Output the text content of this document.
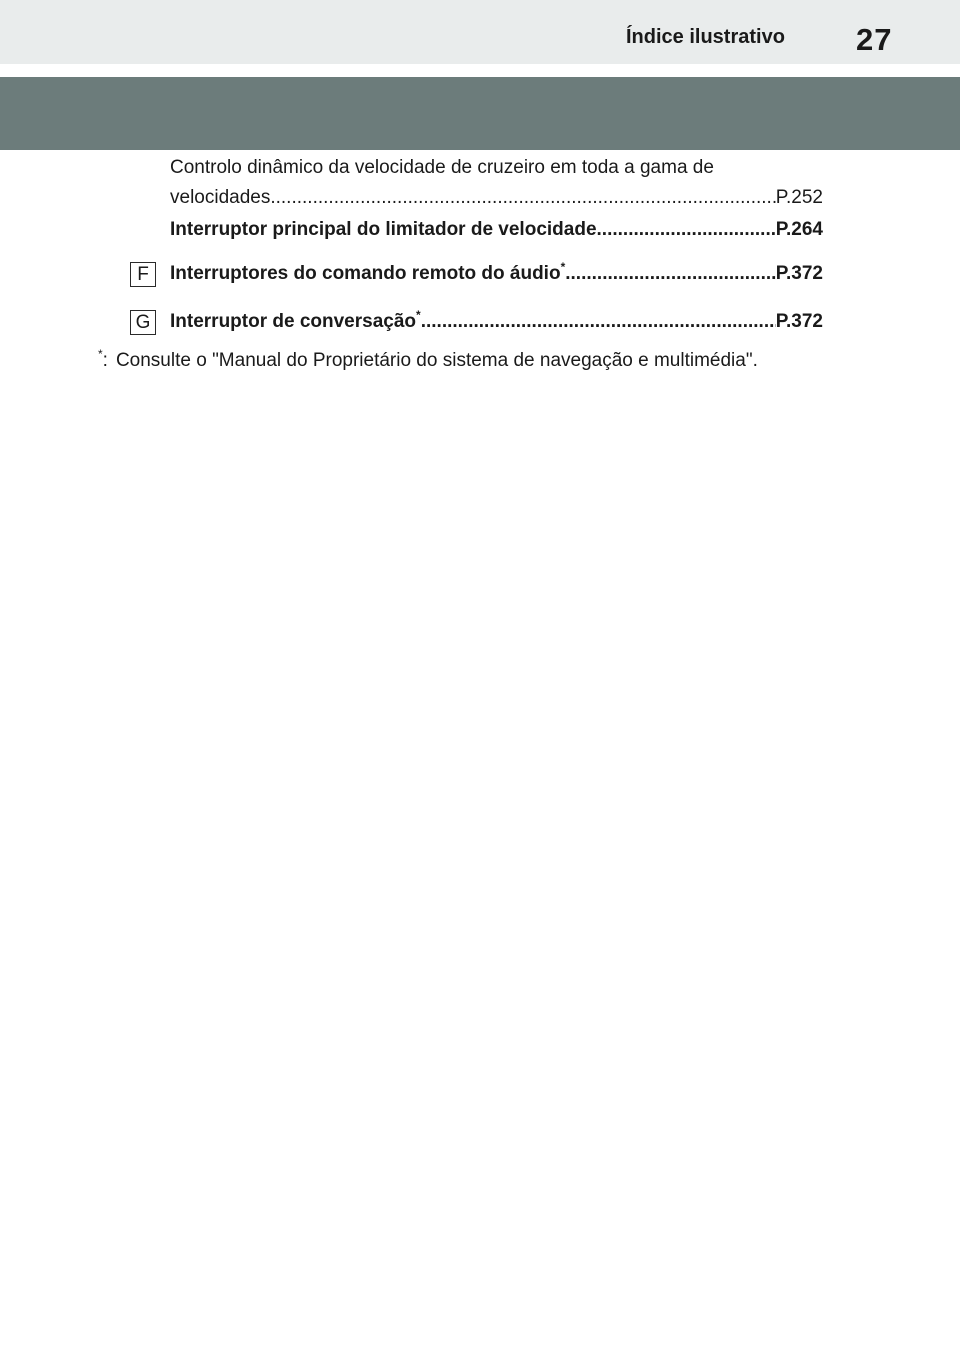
Índice ilustrativo 27
Controlo dinâmico da velocidade de cruzeiro em toda a gama de
velocidades .....	P.252
Interruptor principal do limitador de velocidade .....	P.264
F	Interruptores do comando remoto do áudio* .....	P.372
G Interruptor de conversação* .....	P.372
*: Consulte o "Manual do Proprietário do sistema de navegação e multimédia".
